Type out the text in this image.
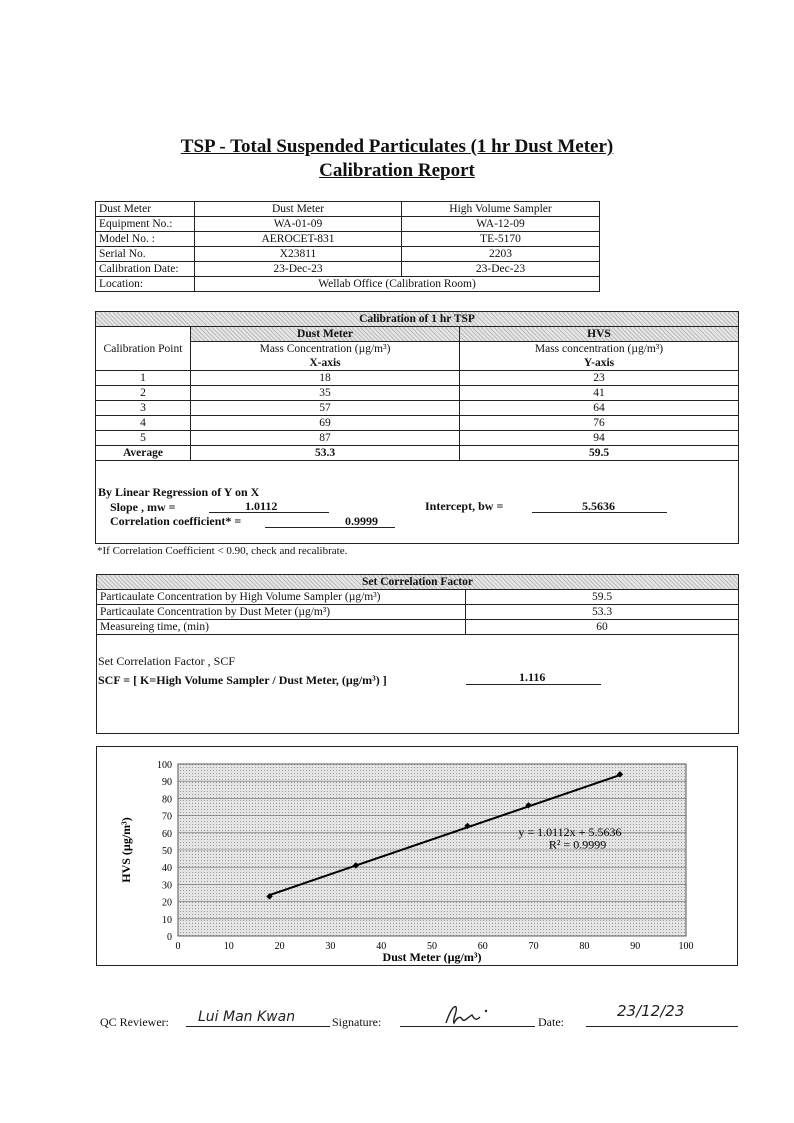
TSP - Total Suspended Particulates (1 hr Dust Meter)
Calibration Report
Dust Meter	Dust Meter	High Volume Sampler
Equipment No.:	WA-01-09	WA-12-09
Model No. :	AEROCET-831	TE-5170
Serial No.	X23811	2203
Calibration Date:	23-Dec-23	23-Dec-23
Location:	Wellab Office (Calibration Room)	
Calibration of 1 hr TSP		
Calibration Point	Dust Meter	HVS
	Mass Concentration (µg/m³)	Mass concentration (µg/m³)
	X-axis	Y-axis
1	18	23
2	35	41
3	57	64
4	69	76
5	87	94
Average	53.3	59.5
By Linear Regression of Y on X
Slope , mw =	1.0112	Intercept, bw =	5.5636
Correlation coefficient* =	0.9999
*If Correlation Coefficient < 0.90, check and recalibrate.
Set Correlation Factor	
Particaulate Concentration by High Volume Sampler (µg/m³)	59.5
Particaulate Concentration by Dust Meter (µg/m³)	53.3
Measureing time, (min)	60
Set Correlation Factor , SCF
SCF = [ K=High Volume Sampler / Dust Meter, (µg/m³) ]	1.116
0
10
20
30
40
50
60
70
80
90
100
0	10	20	30	40	50	60	70	80	90	100
y = 1.0112x + 5.5636
R² = 0.9999
Dust Meter (µg/m³)
HVS (µg/m³)
QC Reviewer: Lui Man Kwan	Signature:	Date:
23/12/23
